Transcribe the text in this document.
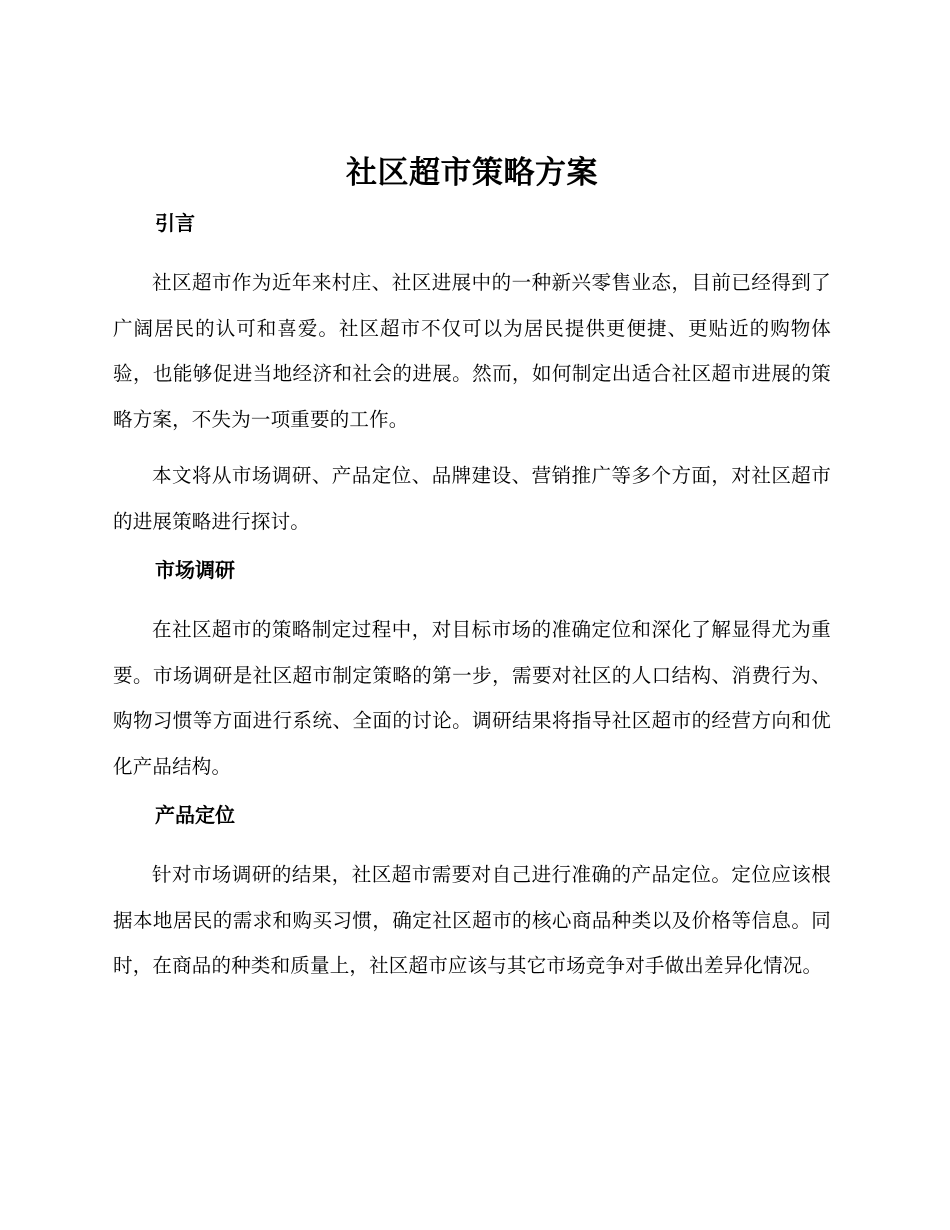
社区超市策略方案
引言

社区超市作为近年来村庄、社区进展中的一种新兴零售业态，目前已经得到了广阔居民的认可和喜爱。社区超市不仅可以为居民提供更便捷、更贴近的购物体验，也能够促进当地经济和社会的进展。然而，如何制定出适合社区超市进展的策略方案，不失为一项重要的工作。

本文将从市场调研、产品定位、品牌建设、营销推广等多个方面，对社区超市的进展策略进行探讨。

市场调研

在社区超市的策略制定过程中，对目标市场的准确定位和深化了解显得尤为重要。市场调研是社区超市制定策略的第一步，需要对社区的人口结构、消费行为、购物习惯等方面进行系统、全面的讨论。调研结果将指导社区超市的经营方向和优化产品结构。

产品定位

针对市场调研的结果，社区超市需要对自己进行准确的产品定位。定位应该根据本地居民的需求和购买习惯，确定社区超市的核心商品种类以及价格等信息。同时，在商品的种类和质量上，社区超市应该与其它市场竞争对手做出差异化情况。
